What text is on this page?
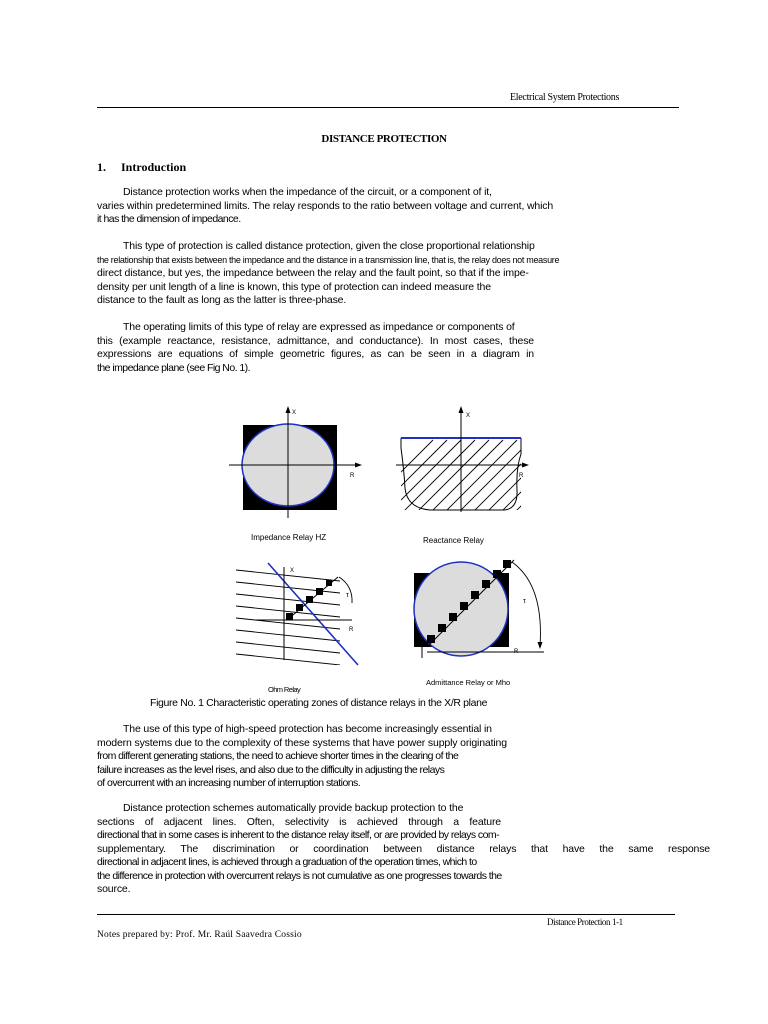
Electrical System Protections
DISTANCE PROTECTION
1. Introduction
Distance protection works when the impedance of the circuit, or a component of it,
varies within predetermined limits. The relay responds to the ratio between voltage and current, which
it has the dimension of impedance.
This type of protection is called distance protection, given the close proportional relationship
the relationship that exists between the impedance and the distance in a transmission line, that is, the relay does not measure
direct distance, but yes, the impedance between the relay and the fault point, so that if the impe-
density per unit length of a line is known, this type of protection can indeed measure the
distance to the fault as long as the latter is three-phase.
The operating limits of this type of relay are expressed as impedance or components of
this (example reactance, resistance, admittance, and conductance). In most cases, these
expressions are equations of simple geometric figures, as can be seen in a diagram in
the impedance plane (see Fig No. 1).
X
R
X
R
τ
X
R
τ
R
Impedance Relay HZ	Reactance Relay
Ohm Relay
Admittance Relay or Mho
Figure No. 1 Characteristic operating zones of distance relays in the X/R plane
The use of this type of high-speed protection has become increasingly essential in
modern systems due to the complexity of these systems that have power supply originating
from different generating stations, the need to achieve shorter times in the clearing of the
failure increases as the level rises, and also due to the difficulty in adjusting the relays
of overcurrent with an increasing number of interruption stations.
Distance protection schemes automatically provide backup protection to the
sections of adjacent lines. Often, selectivity is achieved through a feature
directional that in some cases is inherent to the distance relay itself, or are provided by relays com-
supplementary. The discrimination or coordination between distance relays that have the same response
directional in adjacent lines, is achieved through a graduation of the operation times, which to
the difference in protection with overcurrent relays is not cumulative as one progresses towards the
source.
Distance Protection 1-1
Notes prepared by: Prof. Mr. Raúl Saavedra Cossio
